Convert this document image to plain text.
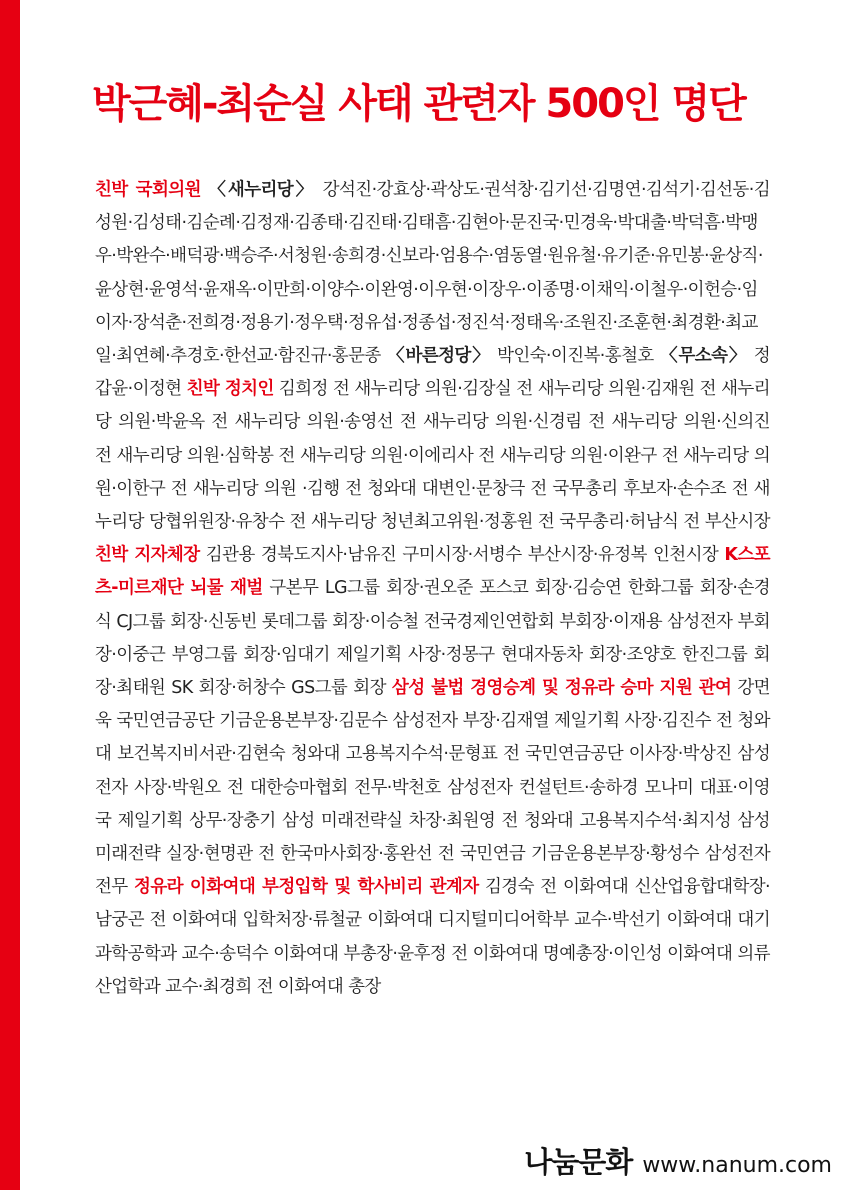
박근혜-최순실 사태 관련자 500인 명단

친박 국회의원 〈새누리당〉 강석진·강효상·곽상도·권석창·김기선·김명연·김석기·김선동·김성원·김성태·김순례·김정재·김종태·김진태·김태흠·김현아·문진국·민경욱·박대출·박덕흠·박맹우·박완수·배덕광·백승주·서청원·송희경·신보라·엄용수·염동열·원유철·유기준·유민봉·윤상직·윤상현·윤영석·윤재옥·이만희·이양수·이완영·이우현·이장우·이종명·이채익·이철우·이헌승·임이자·장석춘·전희경·정용기·정우택·정유섭·정종섭·정진석·정태옥·조원진·조훈현·최경환·최교일·최연혜·추경호·한선교·함진규·홍문종 〈바른정당〉 박인숙·이진복·홍철호 〈무소속〉 정갑윤·이정현 친박 정치인 김희정 전 새누리당 의원·김장실 전 새누리당 의원·김재원 전 새누리당 의원·박윤옥 전 새누리당 의원·송영선 전 새누리당 의원·신경림 전 새누리당 의원·신의진 전 새누리당 의원·심학봉 전 새누리당 의원·이에리사 전 새누리당 의원·이완구 전 새누리당 의원·이한구 전 새누리당 의원 ·김행 전 청와대 대변인·문창극 전 국무총리 후보자·손수조 전 새누리당 당협위원장·유창수 전 새누리당 청년최고위원·정홍원 전 국무총리·허남식 전 부산시장 친박 지자체장 김관용 경북도지사·남유진 구미시장·서병수 부산시장·유정복 인천시장 K스포츠-미르재단 뇌물 재벌 구본무 LG그룹 회장·권오준 포스코 회장·김승연 한화그룹 회장·손경식 CJ그룹 회장·신동빈 롯데그룹 회장·이승철 전국경제인연합회 부회장·이재용 삼성전자 부회장·이중근 부영그룹 회장·임대기 제일기획 사장·정몽구 현대자동차 회장·조양호 한진그룹 회장·최태원 SK 회장·허창수 GS그룹 회장 삼성 불법 경영승계 및 정유라 승마 지원 관여 강면욱 국민연금공단 기금운용본부장·김문수 삼성전자 부장·김재열 제일기획 사장·김진수 전 청와대 보건복지비서관·김현숙 청와대 고용복지수석·문형표 전 국민연금공단 이사장·박상진 삼성전자 사장·박원오 전 대한승마협회 전무·박천호 삼성전자 컨설턴트·송하경 모나미 대표·이영국 제일기획 상무·장충기 삼성 미래전략실 차장·최원영 전 청와대 고용복지수석·최지성 삼성 미래전략 실장·현명관 전 한국마사회장·홍완선 전 국민연금 기금운용본부장·황성수 삼성전자 전무 정유라 이화여대 부정입학 및 학사비리 관계자 김경숙 전 이화여대 신산업융합대학장·남궁곤 전 이화여대 입학처장·류철균 이화여대 디지털미디어학부 교수·박선기 이화여대 대기과학공학과 교수·송덕수 이화여대 부총장·윤후정 전 이화여대 명예총장·이인성 이화여대 의류산업학과 교수·최경희 전 이화여대 총장

나눔문화 www.nanum.com
